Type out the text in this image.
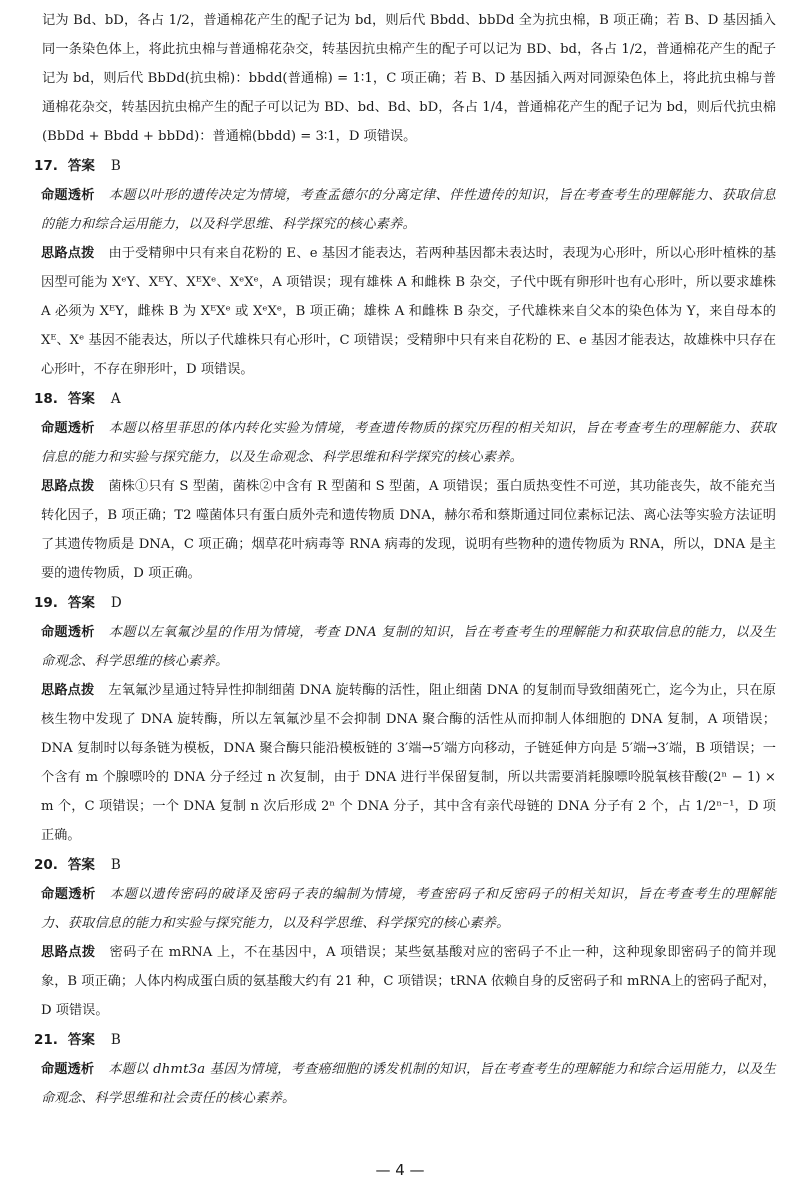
记为 Bd、bD，各占 1/2，普通棉花产生的配子记为 bd，则后代 Bbdd、bbDd 全为抗虫棉，B 项正确；若 B、D 基因插入同一条染色体上，将此抗虫棉与普通棉花杂交，转基因抗虫棉产生的配子可以记为 BD、bd，各占 1/2，普通棉花产生的配子记为 bd，则后代 BbDd(抗虫棉)：bbdd(普通棉) = 1∶1，C 项正确；若 B、D 基因插入两对同源染色体上，将此抗虫棉与普通棉花杂交，转基因抗虫棉产生的配子可以记为 BD、bd、Bd、bD，各占 1/4，普通棉花产生的配子记为 bd，则后代抗虫棉(BbDd + Bbdd + bbDd)：普通棉(bbdd) = 3∶1，D 项错误。

17. 答案 B

命题透析 本题以叶形的遗传决定为情境，考查孟德尔的分离定律、伴性遗传的知识，旨在考查考生的理解能力、获取信息的能力和综合运用能力，以及科学思维、科学探究的核心素养。

思路点拨 由于受精卵中只有来自花粉的 E、e 基因才能表达，若两种基因都未表达时，表现为心形叶，所以心形叶植株的基因型可能为 XᵉY、XᴱY、XᴱXᵉ、XᵉXᵉ，A 项错误；现有雄株 A 和雌株 B 杂交，子代中既有卵形叶也有心形叶，所以要求雄株 A 必须为 XᴱY，雌株 B 为 XᴱXᵉ 或 XᵉXᵉ，B 项正确；雄株 A 和雌株 B 杂交，子代雄株来自父本的染色体为 Y，来自母本的 Xᴱ、Xᵉ 基因不能表达，所以子代雄株只有心形叶，C 项错误；受精卵中只有来自花粉的 E、e 基因才能表达，故雄株中只存在心形叶，不存在卵形叶，D 项错误。

18. 答案 A

命题透析 本题以格里菲思的体内转化实验为情境，考查遗传物质的探究历程的相关知识，旨在考查考生的理解能力、获取信息的能力和实验与探究能力，以及生命观念、科学思维和科学探究的核心素养。

思路点拨 菌株①只有 S 型菌，菌株②中含有 R 型菌和 S 型菌，A 项错误；蛋白质热变性不可逆，其功能丧失，故不能充当转化因子，B 项正确；T2 噬菌体只有蛋白质外壳和遗传物质 DNA，赫尔希和蔡斯通过同位素标记法、离心法等实验方法证明了其遗传物质是 DNA，C 项正确；烟草花叶病毒等 RNA 病毒的发现，说明有些物种的遗传物质为 RNA，所以，DNA 是主要的遗传物质，D 项正确。

19. 答案 D

命题透析 本题以左氧氟沙星的作用为情境，考查 DNA 复制的知识，旨在考查考生的理解能力和获取信息的能力，以及生命观念、科学思维的核心素养。

思路点拨 左氧氟沙星通过特异性抑制细菌 DNA 旋转酶的活性，阻止细菌 DNA 的复制而导致细菌死亡，迄今为止，只在原核生物中发现了 DNA 旋转酶，所以左氧氟沙星不会抑制 DNA 聚合酶的活性从而抑制人体细胞的 DNA 复制，A 项错误；DNA 复制时以每条链为模板，DNA 聚合酶只能沿模板链的 3′端→5′端方向移动，子链延伸方向是 5′端→3′端，B 项错误；一个含有 m 个腺嘌呤的 DNA 分子经过 n 次复制，由于 DNA 进行半保留复制，所以共需要消耗腺嘌呤脱氧核苷酸(2ⁿ − 1) × m 个，C 项错误；一个 DNA 复制 n 次后形成 2ⁿ 个 DNA 分子，其中含有亲代母链的 DNA 分子有 2 个，占 1/2ⁿ⁻¹，D 项正确。

20. 答案 B

命题透析 本题以遗传密码的破译及密码子表的编制为情境，考查密码子和反密码子的相关知识，旨在考查考生的理解能力、获取信息的能力和实验与探究能力，以及科学思维、科学探究的核心素养。

思路点拨 密码子在 mRNA 上，不在基因中，A 项错误；某些氨基酸对应的密码子不止一种，这种现象即密码子的简并现象，B 项正确；人体内构成蛋白质的氨基酸大约有 21 种，C 项错误；tRNA 依赖自身的反密码子和 mRNA上的密码子配对，D 项错误。

21. 答案 B

命题透析 本题以 dhmt3a 基因为情境，考查癌细胞的诱发机制的知识，旨在考查考生的理解能力和综合运用能力，以及生命观念、科学思维和社会责任的核心素养。

— 4 —
